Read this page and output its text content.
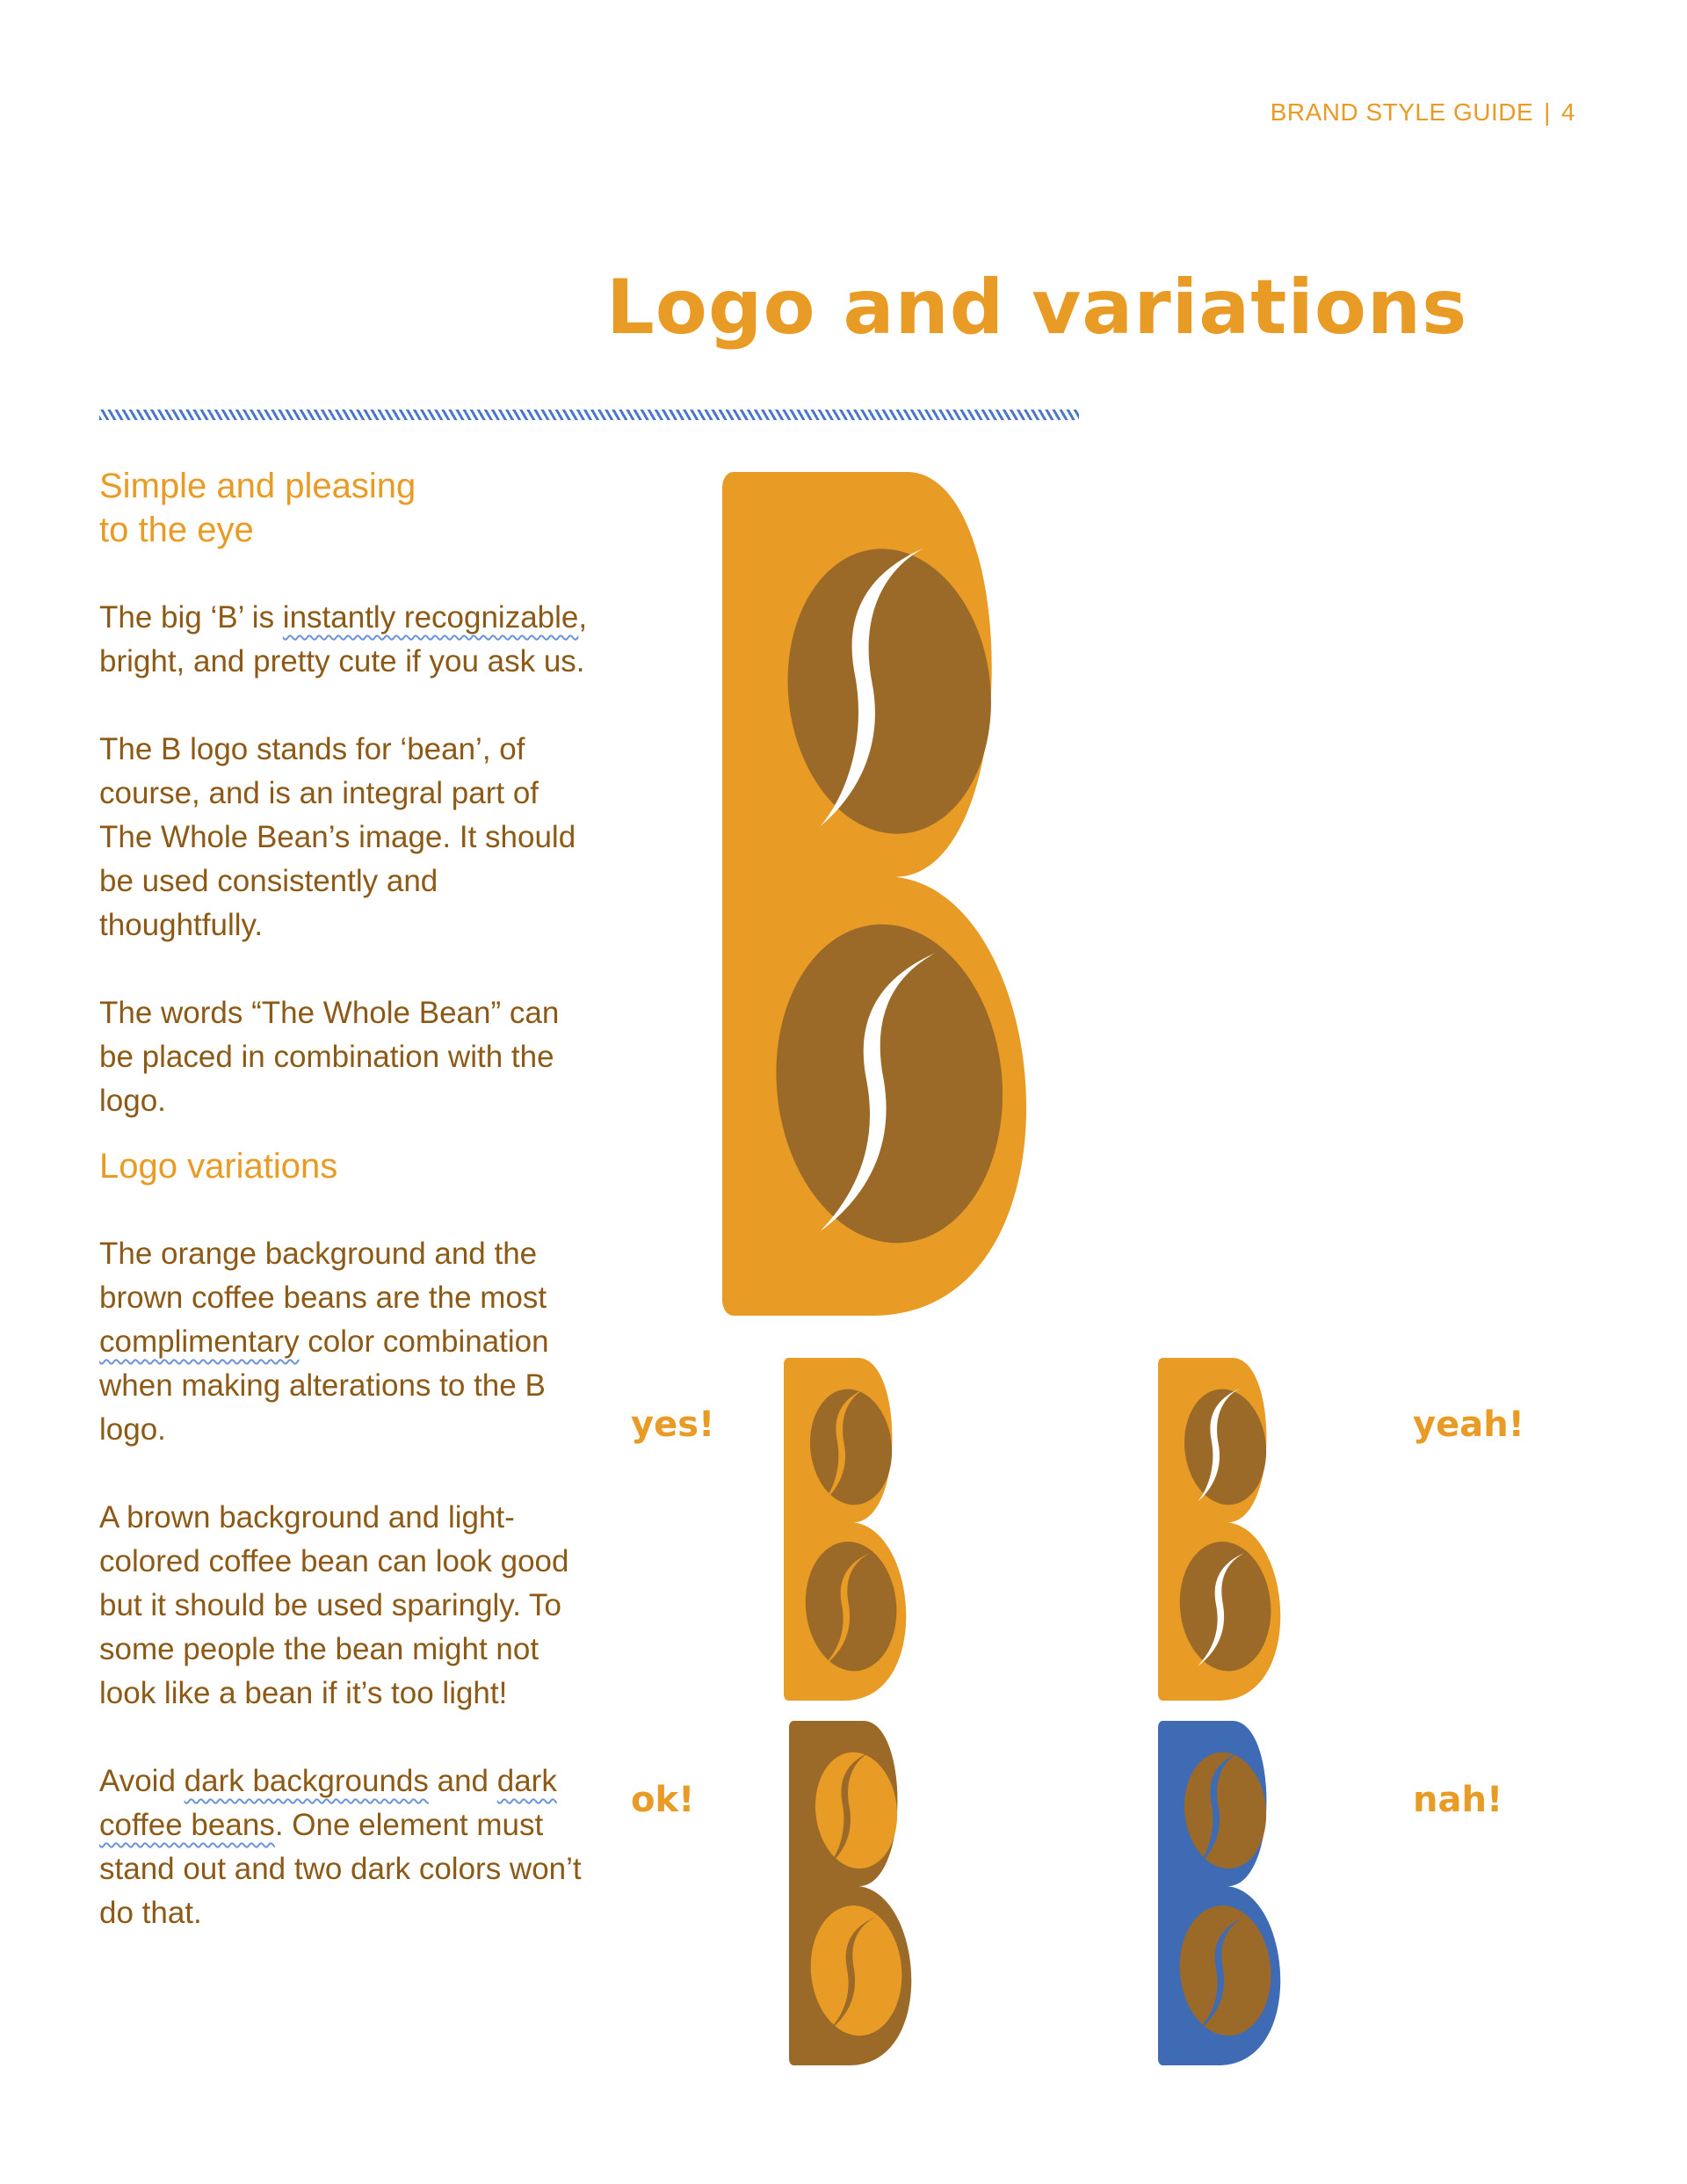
BRAND STYLE GUIDE | 4
Logo and variations
Simple and pleasing
to the eye

The big ‘B’ is instantly recognizable, bright, and pretty cute if you ask us.

The B logo stands for ‘bean’, of course, and is an integral part of The Whole Bean’s image. It should be used consistently and thoughtfully.

The words “The Whole Bean” can be placed in combination with the logo.

Logo variations

The orange background and the brown coffee beans are the most complimentary color combination when making alterations to the B logo.

A brown background and light-colored coffee bean can look good but it should be used sparingly. To some people the bean might not look like a bean if it’s too light!

Avoid dark backgrounds and dark coffee beans. One element must stand out and two dark colors won’t do that.

yes!	yeah!
ok!	nah!
